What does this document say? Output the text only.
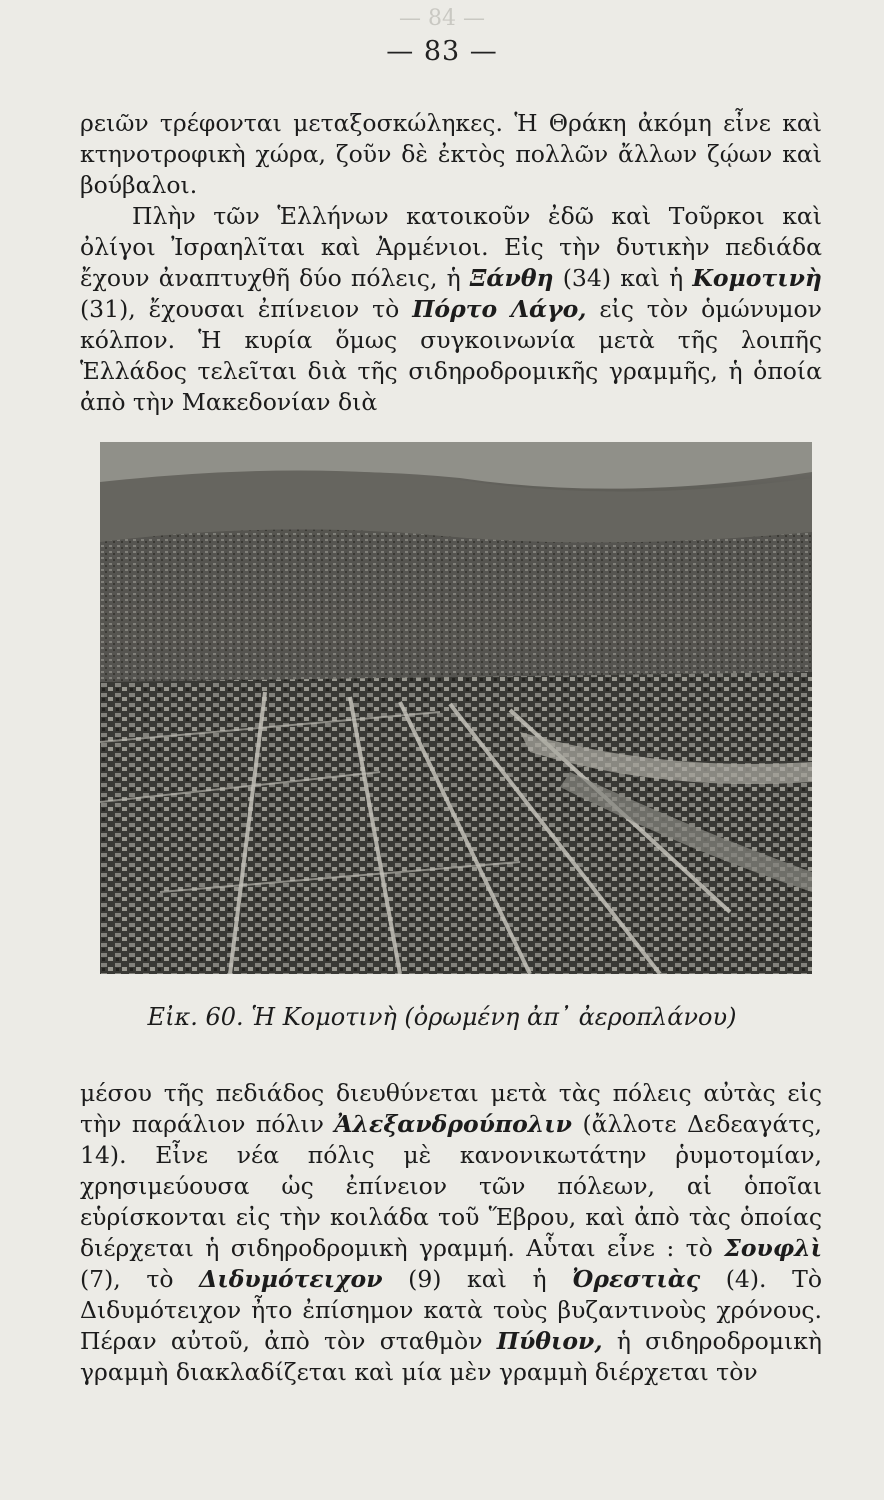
— 84 —
— 83 —

ρειῶν τρέφονται μεταξοσκώληκες. Ἡ Θράκη ἀκόμη εἶνε καὶ κτηνοτροφικὴ χώρα, ζοῦν δὲ ἐκτὸς πολλῶν ἄλλων ζῴων καὶ βούβαλοι.

Πλὴν τῶν Ἑλλήνων κατοικοῦν ἐδῶ καὶ Τοῦρκοι καὶ ὀλίγοι Ἰσραηλῖται καὶ Ἀρμένιοι. Εἰς τὴν δυτικὴν πεδιάδα ἔχουν ἀναπτυχθῆ δύο πόλεις, ἡ Ξάνθη (34) καὶ ἡ Κομοτινὴ (31), ἔχουσαι ἐπίνειον τὸ Πόρτο Λάγο, εἰς τὸν ὁμώνυμον κόλπον. Ἡ κυρία ὅμως συγκοινωνία μετὰ τῆς λοιπῆς Ἑλλάδος τελεῖται διὰ τῆς σιδηροδρομικῆς γραμμῆς, ἡ ὁποία ἀπὸ τὴν Μακεδονίαν διὰ

Εἰκ. 60. Ἡ Κομοτινὴ (ὁρωμένη ἀπ᾽ ἀεροπλάνου)

μέσου τῆς πεδιάδος διευθύνεται μετὰ τὰς πόλεις αὐτὰς εἰς τὴν παράλιον πόλιν Ἀλεξανδρούπολιν (ἄλλοτε Δεδεαγάτς, 14). Εἶνε νέα πόλις μὲ κανονικωτάτην ῥυμοτομίαν, χρησιμεύουσα ὡς ἐπίνειον τῶν πόλεων, αἱ ὁποῖαι εὑρίσκονται εἰς τὴν κοιλάδα τοῦ Ἕβρου, καὶ ἀπὸ τὰς ὁποίας διέρχεται ἡ σιδηροδρομικὴ γραμμή. Αὗται εἶνε : τὸ Σουφλὶ (7), τὸ Διδυμότειχον (9) καὶ ἡ Ὀρεστιὰς (4). Τὸ Διδυμότειχον ἦτο ἐπίσημον κατὰ τοὺς βυζαντινοὺς χρόνους. Πέραν αὐτοῦ, ἀπὸ τὸν σταθμὸν Πύθιον, ἡ σιδηροδρομικὴ γραμμὴ διακλαδίζεται καὶ μία μὲν γραμμὴ διέρχεται τὸν
